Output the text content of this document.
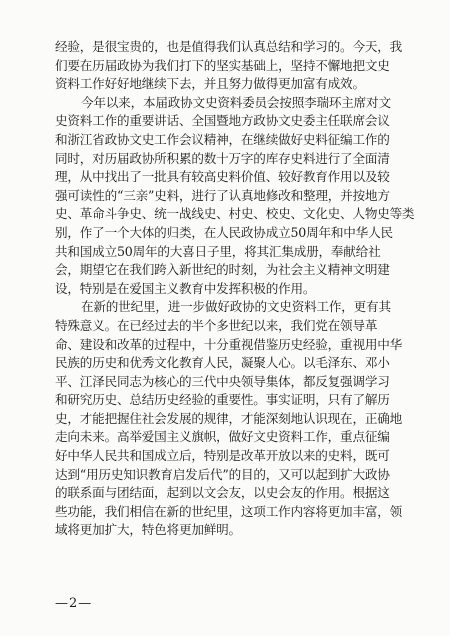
经验，是很宝贵的，也是值得我们认真总结和学习的。今天，我
们要在历届政协为我们打下的坚实基础上，坚持不懈地把文史
资料工作好好地继续下去，并且努力做得更加富有成效。
今年以来，本届政协文史资料委员会按照李瑞环主席对文
史资料工作的重要讲话、全国暨地方政协文史委主任联席会议
和浙江省政协文史工作会议精神，在继续做好史料征编工作的
同时，对历届政协所积累的数十万字的库存史料进行了全面清
理，从中找出了一批具有较高史料价值、较好教育作用以及较
强可读性的“三亲”史料，进行了认真地修改和整理，并按地方
史、革命斗争史、统一战线史、村史、校史、文化史、人物史等类
别，作了一个大体的归类，在人民政协成立50周年和中华人民
共和国成立50周年的大喜日子里，将其汇集成册，奉献给社
会，期望它在我们跨入新世纪的时刻，为社会主义精神文明建
设，特别是在爱国主义教育中发挥积极的作用。
在新的世纪里，进一步做好政协的文史资料工作，更有其
特殊意义。在已经过去的半个多世纪以来，我们党在领导革
命、建设和改革的过程中，十分重视借鉴历史经验，重视用中华
民族的历史和优秀文化教育人民，凝聚人心。以毛泽东、邓小
平、江泽民同志为核心的三代中央领导集体，都反复强调学习
和研究历史、总结历史经验的重要性。事实证明，只有了解历
史，才能把握住社会发展的规律，才能深刻地认识现在，正确地
走向未来。高举爱国主义旗帜，做好文史资料工作，重点征编
好中华人民共和国成立后，特别是改革开放以来的史料，既可
达到“用历史知识教育启发后代”的目的，又可以起到扩大政协
的联系面与团结面，起到以文会友，以史会友的作用。根据这
些功能，我们相信在新的世纪里，这项工作内容将更加丰富，领
域将更加扩大，特色将更加鲜明。
—2—
